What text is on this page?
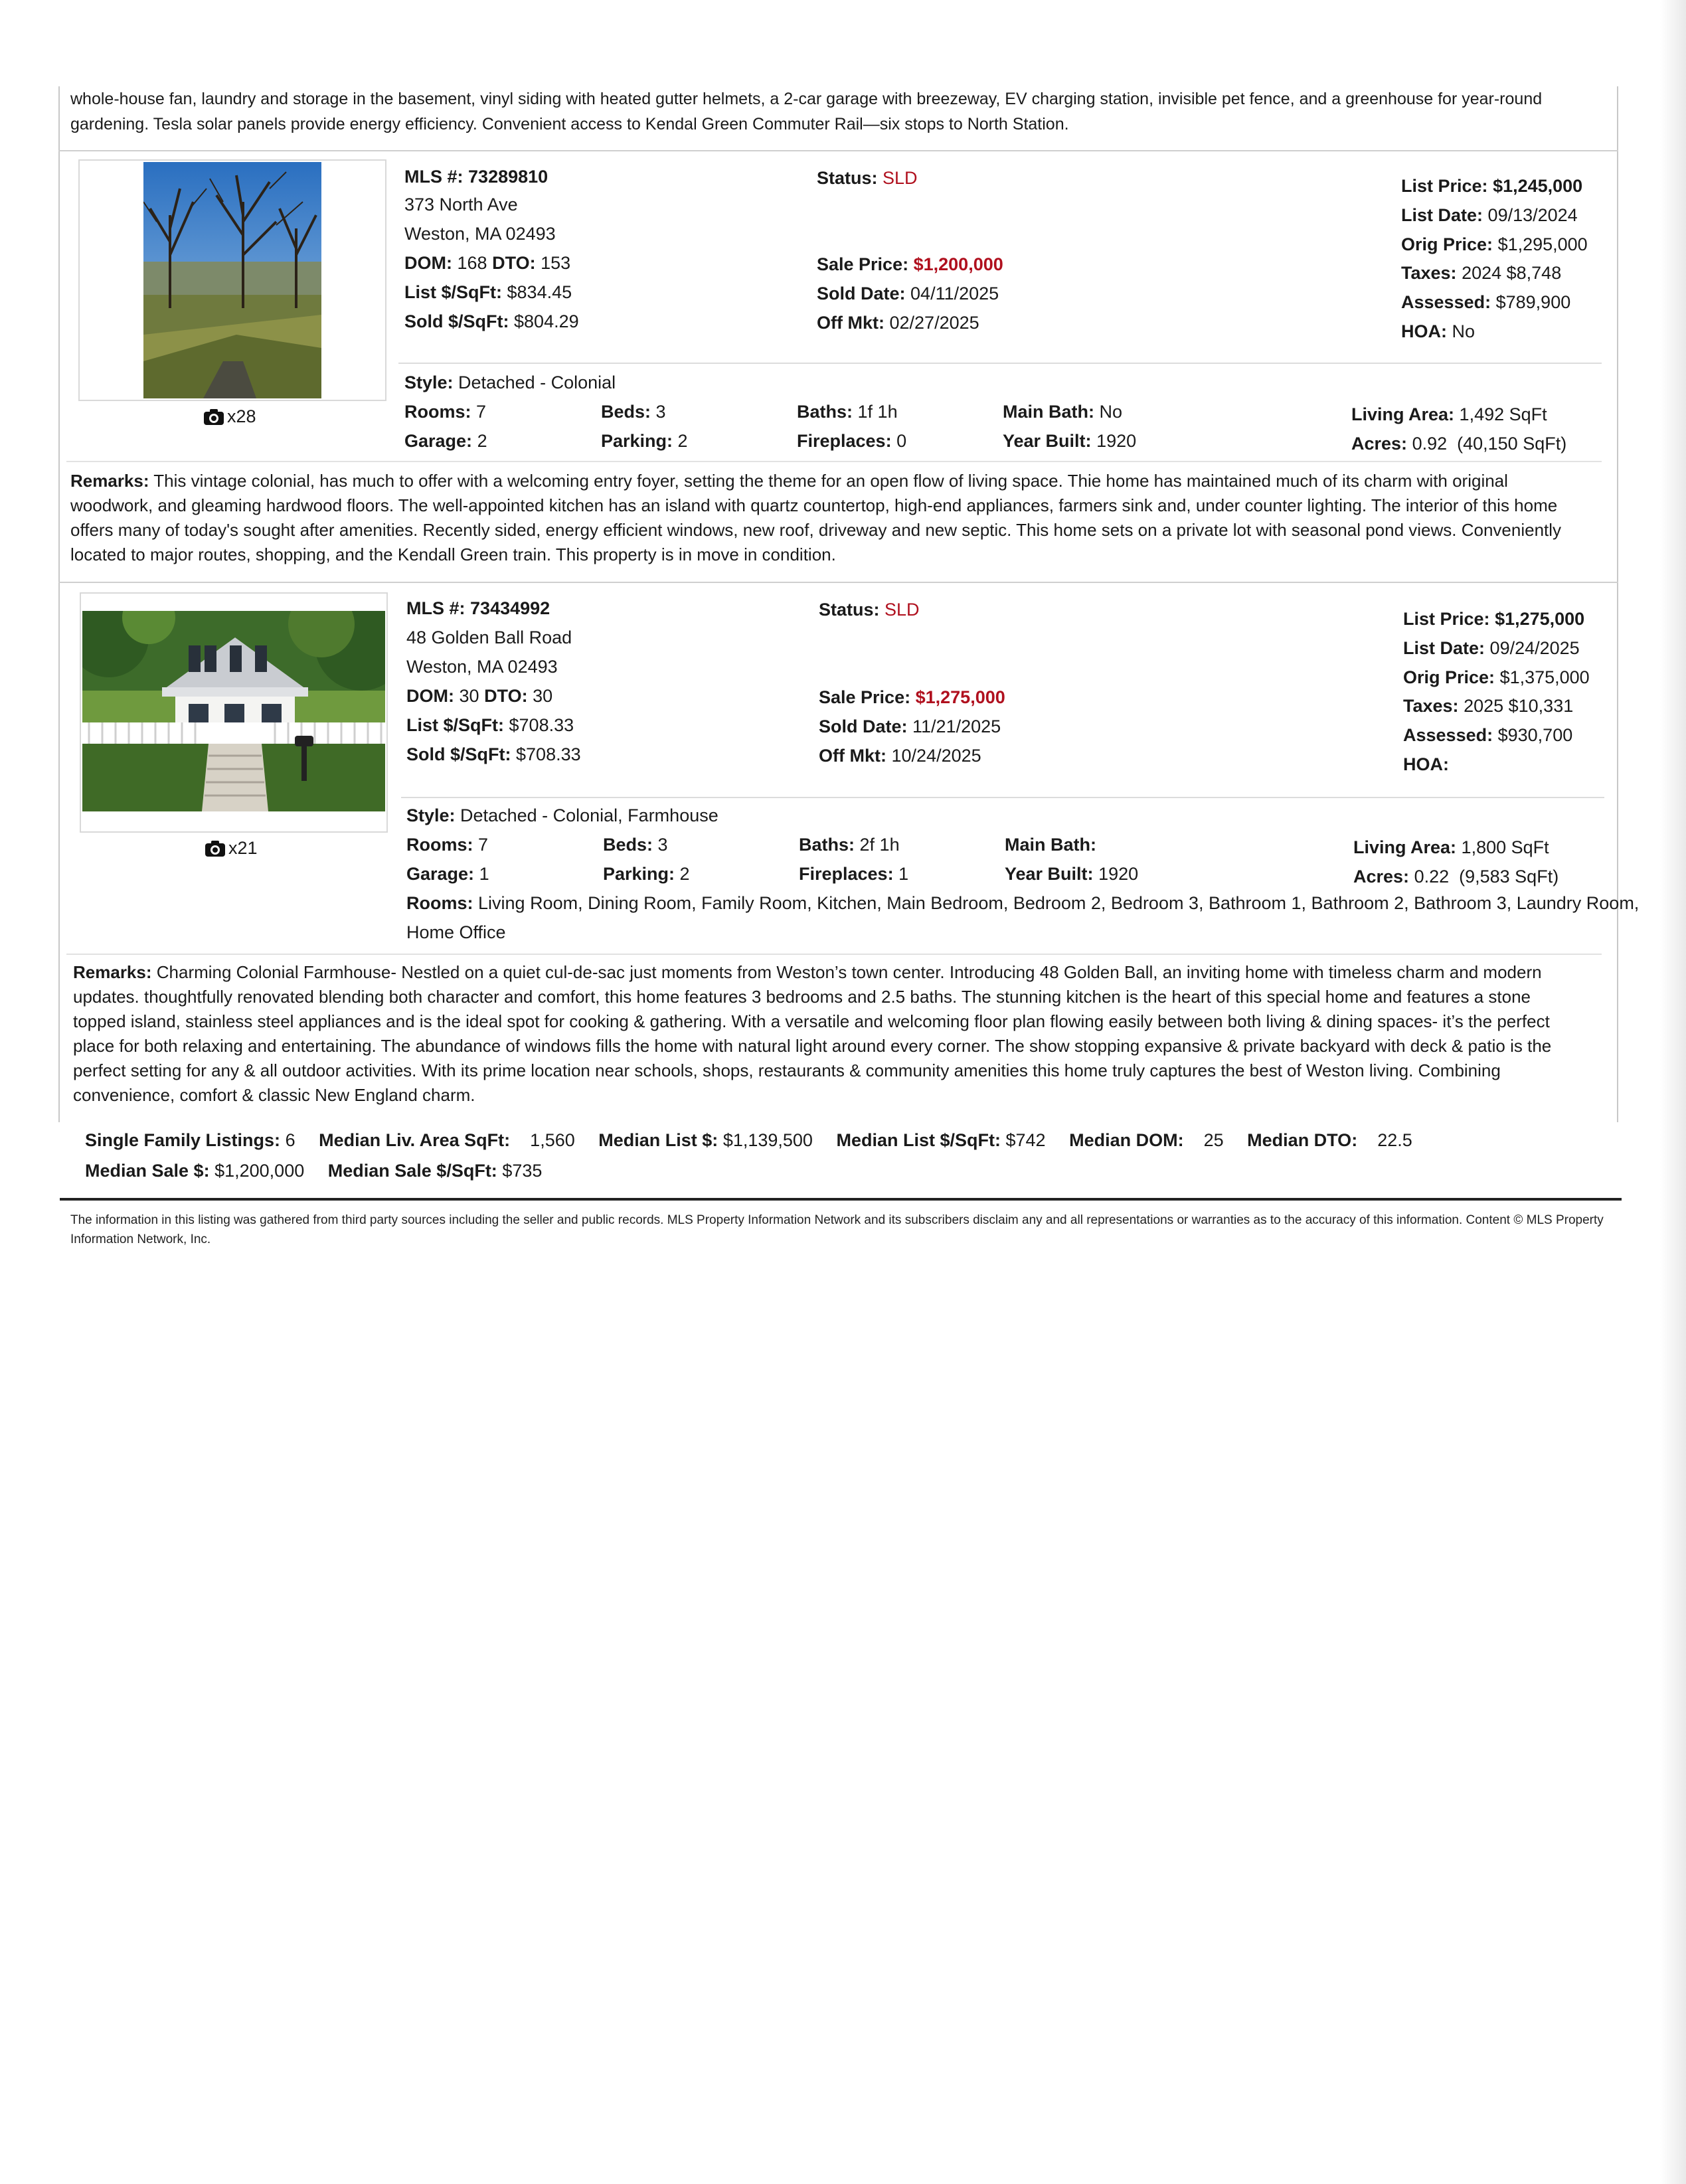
whole-house fan, laundry and storage in the basement, vinyl siding with heated gutter helmets, a 2-car garage with breezeway, EV charging station, invisible pet fence, and a greenhouse for year-round gardening. Tesla solar panels provide energy efficiency. Convenient access to Kendal Green Commuter Rail—six stops to North Station.
x28
MLS #: 73289810
373 North Ave
Weston, MA 02493
DOM: 168 DTO: 153
List $/SqFt: $834.45
Sold $/SqFt: $804.29
Status: SLD
Sale Price: $1,200,000
Sold Date: 04/11/2025
Off Mkt: 02/27/2025
List Price: $1,245,000
List Date: 09/13/2024
Orig Price: $1,295,000
Taxes: 2024 $8,748
Assessed: $789,900
HOA: No
Style: Detached - Colonial
Rooms: 7	Beds: 3	Baths: 1f 1h	Main Bath: No	Living Area: 1,492 SqFt
Garage: 2	Parking: 2	Fireplaces: 0	Year Built: 1920	Acres: 0.92  (40,150 SqFt)
Remarks: This vintage colonial, has much to offer with a welcoming entry foyer, setting the theme for an open flow of living space. Thie home has maintained much of its charm with original woodwork, and gleaming hardwood floors. The well-appointed kitchen has an island with quartz countertop, high-end appliances, farmers sink and, under counter lighting. The interior of this home offers many of today's sought after amenities. Recently sided, energy efficient windows, new roof, driveway and new septic. This home sets on a private lot with seasonal pond views. Conveniently located to major routes, shopping, and the Kendall Green train. This property is in move in condition.
x21
MLS #: 73434992
48 Golden Ball Road
Weston, MA 02493
DOM: 30 DTO: 30
List $/SqFt: $708.33
Sold $/SqFt: $708.33
Status: SLD
Sale Price: $1,275,000
Sold Date: 11/21/2025
Off Mkt: 10/24/2025
List Price: $1,275,000
List Date: 09/24/2025
Orig Price: $1,375,000
Taxes: 2025 $10,331
Assessed: $930,700
HOA:
Style: Detached - Colonial, Farmhouse
Rooms: 7	Beds: 3	Baths: 2f 1h	Main Bath:	Living Area: 1,800 SqFt
Garage: 1	Parking: 2	Fireplaces: 1	Year Built: 1920	Acres: 0.22  (9,583 SqFt)
Rooms: Living Room, Dining Room, Family Room, Kitchen, Main Bedroom, Bedroom 2, Bedroom 3, Bathroom 1, Bathroom 2, Bathroom 3, Laundry Room, Home Office
Remarks: Charming Colonial Farmhouse- Nestled on a quiet cul-de-sac just moments from Weston’s town center. Introducing 48 Golden Ball, an inviting home with timeless charm and modern updates. thoughtfully renovated blending both character and comfort, this home features 3 bedrooms and 2.5 baths. The stunning kitchen is the heart of this special home and features a stone topped island, stainless steel appliances and is the ideal spot for cooking & gathering. With a versatile and welcoming floor plan flowing easily between both living & dining spaces- it’s the perfect place for both relaxing and entertaining. The abundance of windows fills the home with natural light around every corner. The show stopping expansive & private backyard with deck & patio is the perfect setting for any & all outdoor activities. With its prime location near schools, shops, restaurants & community amenities this home truly captures the best of Weston living. Combining convenience, comfort & classic New England charm.
Single Family Listings: 6 Median Liv. Area SqFt: 1,560 Median List $: $1,139,500 Median List $/SqFt: $742 Median DOM: 25 Median DTO: 22.5
Median Sale $: $1,200,000 Median Sale $/SqFt: $735
The information in this listing was gathered from third party sources including the seller and public records. MLS Property Information Network and its subscribers disclaim any and all representations or warranties as to the accuracy of this information. Content © MLS Property Information Network, Inc.
